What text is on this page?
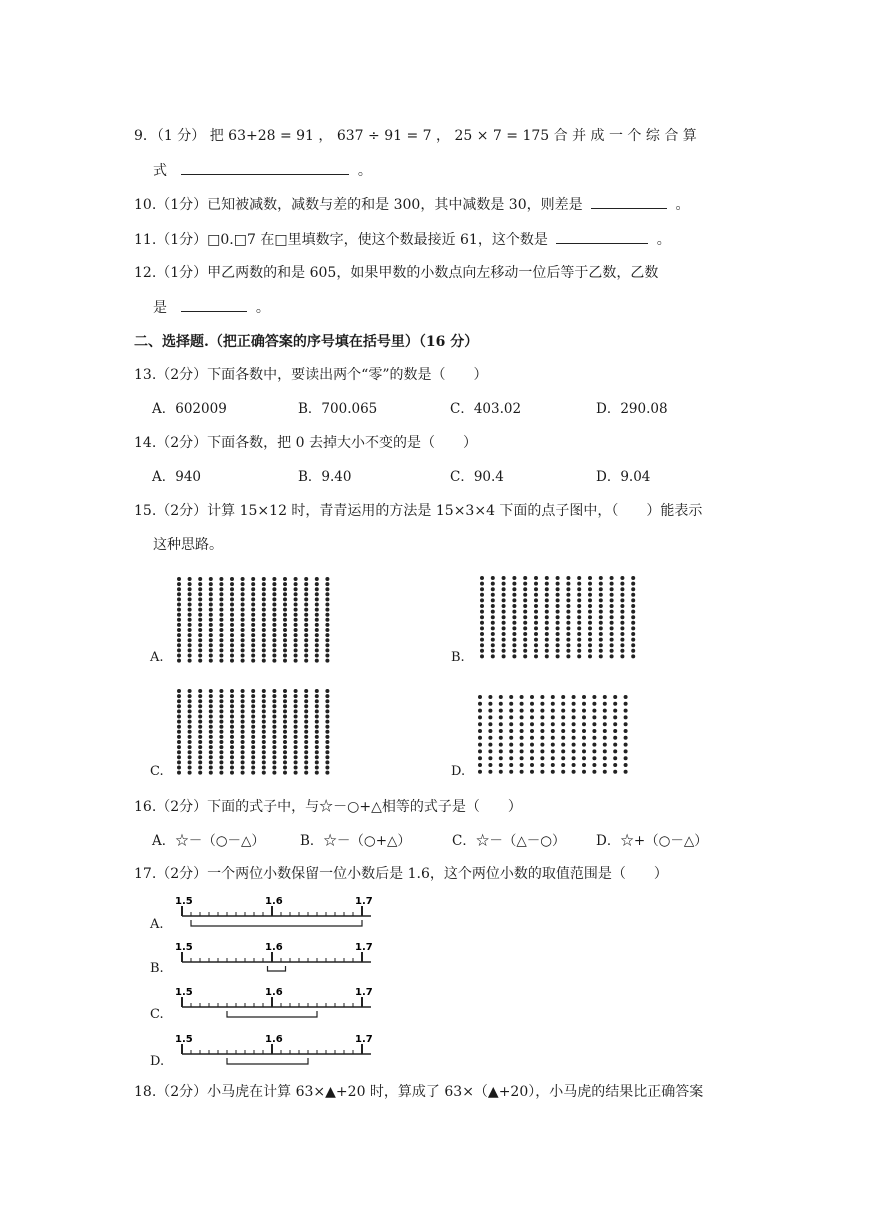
9．（1 分） 把 63+28 = 91 ， 637 ÷ 91 = 7 ， 25 × 7 = 175 合 并 成 一 个 综 合 算
式	。
10.（1分）已知被减数，减数与差的和是 300，其中减数是 30，则差是	。
11.（1分）□0.□7 在□里填数字，使这个数最接近 61，这个数是	。
12.（1分）甲乙两数的和是 605，如果甲数的小数点向左移动一位后等于乙数，乙数
是	。
二、选择题.（把正确答案的序号填在括号里）（16 分）
13.（2分）下面各数中，要读出两个“零”的数是（　　）
A．602009	B．700.065	C．403.02	D．290.08
14.（2分）下面各数，把 0 去掉大小不变的是（　　）
A．940	B．9.40	C．90.4	D．9.04
15.（2分）计算 15×12 时，青青运用的方法是 15×3×4 下面的点子图中，（　　）能表示
这种思路。
A.	B.
C.	D.
16.（2分）下面的式子中，与☆－○+△相等的式子是（　　）
A．☆－（○－△）	B．☆－（○+△）	C．☆－（△－○） D．☆+（○－△）
17.（2分）一个两位小数保留一位小数后是 1.6，这个两位小数的取值范围是（　　）
A.
1.5	1.6	1.7
B.
1.5	1.6	1.7
C.
1.5	1.6	1.7
D.
1.5	1.6	1.7
18.（2分）小马虎在计算 63×▲+20 时，算成了 63×（▲+20），小马虎的结果比正确答案
